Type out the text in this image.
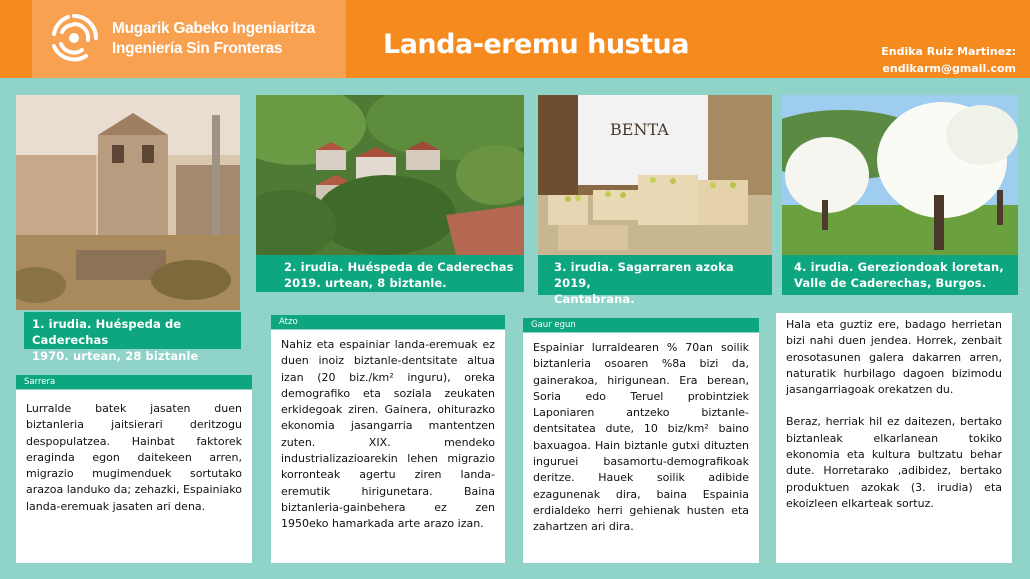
Mugarik Gabeko Ingeniaritza
Ingeniería Sin Fronteras	Landa-eremu hustua	Endika Ruiz Martinez:
endikarm@gmail.com
1. irudia. Huéspeda de Caderechas
1970. urtean, 28 biztanle
2. irudia. Huéspeda de Caderechas
2019. urtean, 8 biztanle.
BENTA
3. irudia. Sagarraren azoka 2019,
Cantabrana.
4. irudia. Gereziondoak loretan,
Valle de Caderechas, Burgos.
Sarrera

Lurralde batek jasaten duen biztanleria jaitsierari deritzogu despopulatzea. Hainbat faktorek eraginda egon daitekeen arren, migrazio mugimenduek sortutako arazoa landuko da; zehazki, Espainiako landa-eremuak jasaten ari dena.

Atzo

Nahiz eta espainiar landa-eremuak ez duen inoiz biztanle-dentsitate altua izan (20 biz./km² inguru), oreka demografiko eta soziala zeukaten erkidegoak ziren. Gainera, ohiturazko ekonomia jasangarria mantentzen zuten. XIX. mendeko industrializazioarekin lehen migrazio korronteak agertu ziren landa-eremutik hirigunetara. Baina biztanleria-gainbehera ez zen 1950eko hamarkada arte arazo izan.

Gaur egun

Espainiar lurraldearen % 70an soilik biztanleria osoaren %8a bizi da, gainerakoa, hirigunean. Era berean, Soria edo Teruel probintziek Laponiaren antzeko biztanle-dentsitatea dute, 10 biz/km² baino baxuagoa. Hain biztanle gutxi dituzten inguruei basamortu-demografikoak deritze. Hauek soilik adibide ezagunenak dira, baina Espainia erdialdeko herri gehienak husten eta zahartzen ari dira.

Hala eta guztiz ere, badago herrietan bizi nahi duen jendea. Horrek, zenbait erosotasunen galera dakarren arren, naturatik hurbilago dagoen bizimodu jasangarriagoak orekatzen du.

Beraz, herriak hil ez daitezen, bertako biztanleak elkarlanean tokiko ekonomia eta kultura bultzatu behar dute. Horretarako ,adibidez, bertako produktuen azokak (3. irudia) eta ekoizleen elkarteak sortuz.
